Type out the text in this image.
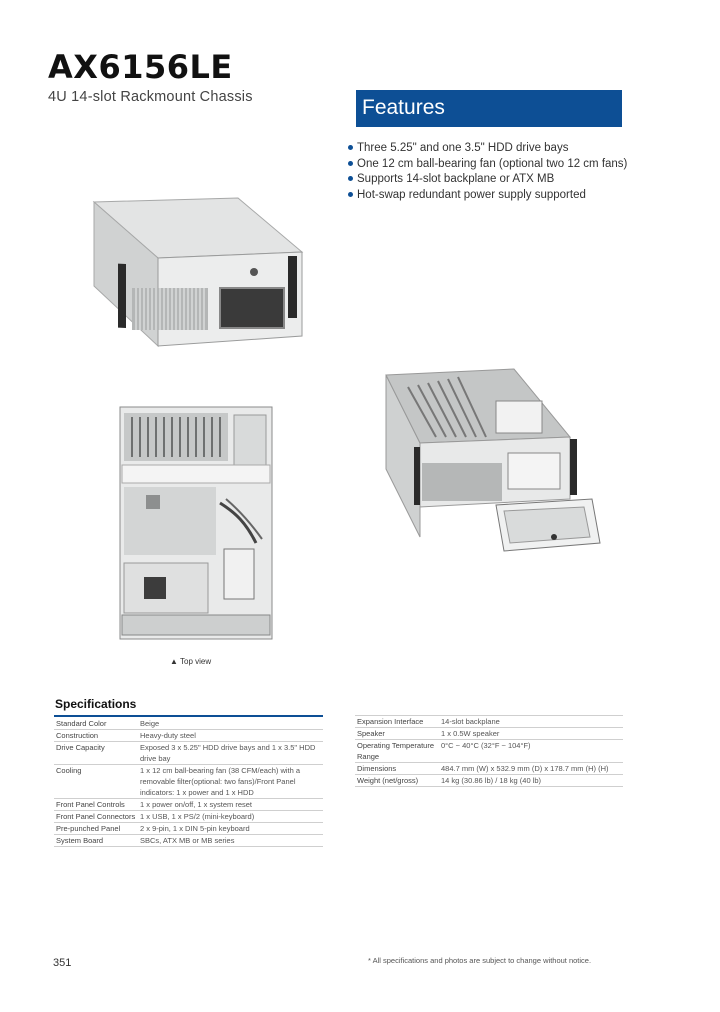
AX6156LE
4U 14-slot Rackmount Chassis	Features
Three 5.25" and one 3.5" HDD drive bays
One 12 cm ball-bearing fan (optional two 12 cm fans)
Supports 14-slot backplane or ATX MB
Hot-swap redundant power supply supported
▲ Top view
Specifications
Standard Color	Beige
Construction	Heavy-duty steel
Drive Capacity	Exposed 3 x 5.25" HDD drive bays and 1 x 3.5" HDD drive bay
Cooling	1 x 12 cm ball-bearing fan (38 CFM/each) with a removable filter(optional: two fans)/Front Panel indicators: 1 x power and 1 x HDD
Front Panel Controls	1 x power on/off, 1 x system reset
Front Panel Connectors	1 x USB, 1 x PS/2 (mini-keyboard)
Pre-punched Panel	2 x 9-pin, 1 x DIN 5-pin keyboard
System Board	SBCs, ATX MB or MB series
Expansion Interface	14-slot backplane
Speaker	1 x 0.5W speaker
Operating Temperature Range	0°C ~ 40°C (32°F ~ 104°F)
Dimensions	484.7 mm (W) x 532.9 mm (D) x 178.7 mm (H) (H)
Weight (net/gross)	14 kg (30.86 lb) / 18 kg (40 lb)
351	* All specifications and photos are subject to change without notice.
